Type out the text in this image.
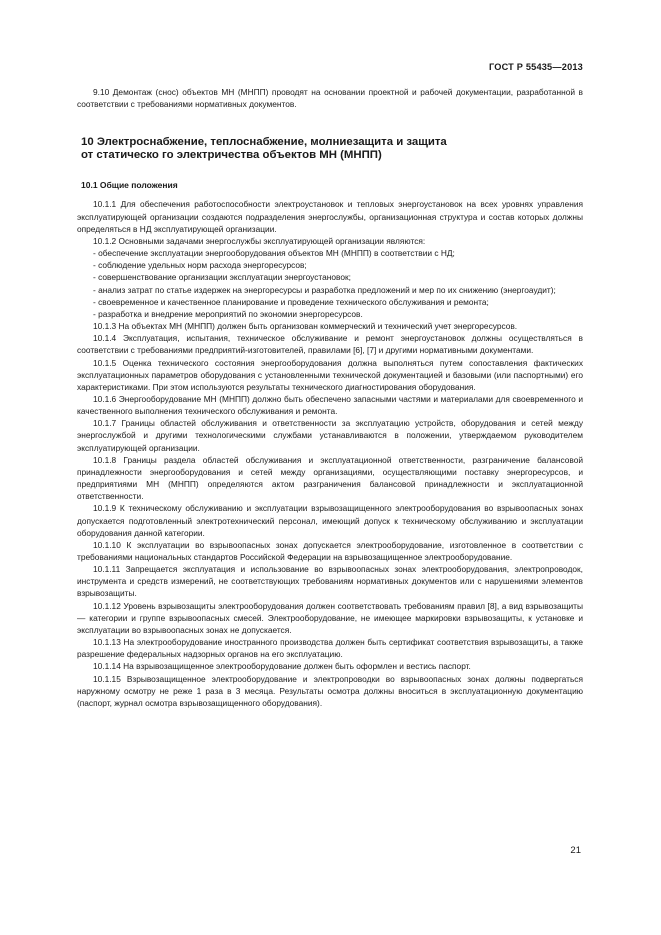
ГОСТ Р 55435—2013

9.10 Демонтаж (снос) объектов МН (МНПП) проводят на основании проектной и рабочей документации, разработанной в соответствии с требованиями нормативных документов.

10 Электроснабжение, теплоснабжение, молниезащита и защита
от статическо го электричества объектов МН (МНПП)
10.1 Общие положения

10.1.1 Для обеспечения работоспособности электроустановок и тепловых энергоустановок на всех уровнях управления эксплуатирующей организации создаются подразделения энергослужбы, организационная структура и состав которых должны определяться в НД эксплуатирующей организации.

10.1.2 Основными задачами энергослужбы эксплуатирующей организации являются:

- обеспечение эксплуатации энергооборудования объектов МН (МНПП) в соответствии с НД;

- соблюдение удельных норм расхода энергоресурсов;

- совершенствование организации эксплуатации энергоустановок;

- анализ затрат по статье издержек на энергоресурсы и разработка предложений и мер по их снижению (энергоаудит);

- своевременное и качественное планирование и проведение технического обслуживания и ремонта;

- разработка и внедрение мероприятий по экономии энергоресурсов.

10.1.3 На объектах МН (МНПП) должен быть организован коммерческий и технический учет энергоресурсов.

10.1.4 Эксплуатация, испытания, техническое обслуживание и ремонт энергоустановок должны осуществляться в соответствии с требованиями предприятий-изготовителей, правилами [6], [7] и другими нормативными документами.

10.1.5 Оценка технического состояния энергооборудования должна выполняться путем сопоставления фактических эксплуатационных параметров оборудования с установленными технической документацией и базовыми (или паспортными) его характеристиками. При этом используются результаты технического диагностирования оборудования.

10.1.6 Энергооборудование МН (МНПП) должно быть обеспечено запасными частями и материалами для своевременного и качественного выполнения технического обслуживания и ремонта.

10.1.7 Границы областей обслуживания и ответственности за эксплуатацию устройств, оборудования и сетей между энергослужбой и другими технологическими службами устанавливаются в положении, утверждаемом руководителем эксплуатирующей организации.

10.1.8 Границы раздела областей обслуживания и эксплуатационной ответственности, разграничение балансовой принадлежности энергооборудования и сетей между организациями, осуществляющими поставку энергоресурсов, и предприятиями МН (МНПП) определяются актом разграничения балансовой принадлежности и эксплуатационной ответственности.

10.1.9 К техническому обслуживанию и эксплуатации взрывозащищенного электрооборудования во взрывоопасных зонах допускается подготовленный электротехнический персонал, имеющий допуск к техническому обслуживанию и эксплуатации оборудования данной категории.

10.1.10 К эксплуатации во взрывоопасных зонах допускается электрооборудование, изготовленное в соответствии с требованиями национальных стандартов Российской Федерации на взрывозащищенное электрооборудование.

10.1.11 Запрещается эксплуатация и использование во взрывоопасных зонах электрооборудования, электропроводок, инструмента и средств измерений, не соответствующих требованиям нормативных документов или с нарушениями элементов взрывозащиты.

10.1.12 Уровень взрывозащиты электрооборудования должен соответствовать требованиям правил [8], а вид взрывозащиты — категории и группе взрывоопасных смесей. Электрооборудование, не имеющее маркировки взрывозащиты, к установке и эксплуатации во взрывоопасных зонах не допускается.

10.1.13 На электрооборудование иностранного производства должен быть сертификат соответствия взрывозащиты, а также разрешение федеральных надзорных органов на его эксплуатацию.

10.1.14 На взрывозащищенное электрооборудование должен быть оформлен и вестись паспорт.

10.1.15 Взрывозащищенное электрооборудование и электропроводки во взрывоопасных зонах должны подвергаться наружному осмотру не реже 1 раза в 3 месяца. Результаты осмотра должны вноситься в эксплуатационную документацию (паспорт, журнал осмотра взрывозащищенного оборудования).

21
